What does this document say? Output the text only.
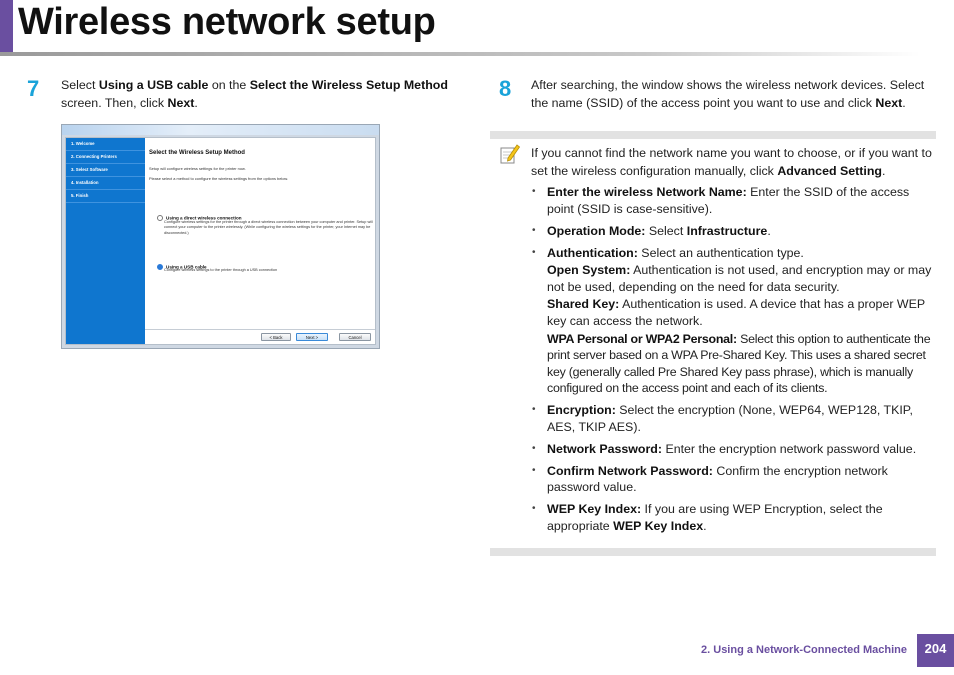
Wireless network setup
7 Select Using a USB cable on the Select the Wireless Setup Method screen. Then, click Next.
1. Welcome
2. Connecting Printers
3. Select Software
4. Installation
5. Finish
Select the Wireless Setup Method
Setup will configure wireless settings for the printer now.
Please select a method to configure the wireless settings from the options below.
Using a direct wireless connection
Configure wireless settings for the printer through a direct wireless connection between your computer and printer. Setup will connect your computer to the printer wirelessly. (While configuring the wireless settings for the printer, your Internet may be disconnected.)
Using a USB cable
Configure wireless settings to the printer through a USB connection
< Back	Next >	Cancel
8 After searching, the window shows the wireless network devices. Select the name (SSID) of the access point you want to use and click Next.
If you cannot find the network name you want to choose, or if you want to set the wireless configuration manually, click Advanced Setting.
• Enter the wireless Network Name: Enter the SSID of the access point (SSID is case-sensitive).
• Operation Mode: Select Infrastructure.
• Authentication: Select an authentication type.
Open System: Authentication is not used, and encryption may or may not be used, depending on the need for data security.
Shared Key: Authentication is used. A device that has a proper WEP key can access the network.
WPA Personal or WPA2 Personal: Select this option to authenticate the print server based on a WPA Pre-Shared Key. This uses a shared secret key (generally called Pre Shared Key pass phrase), which is manually configured on the access point and each of its clients.
• Encryption: Select the encryption (None, WEP64, WEP128, TKIP, AES, TKIP AES).
• Network Password: Enter the encryption network password value.
• Confirm Network Password: Confirm the encryption network password value.
• WEP Key Index: If you are using WEP Encryption, select the appropriate WEP Key Index.
2. Using a Network-Connected Machine	204
